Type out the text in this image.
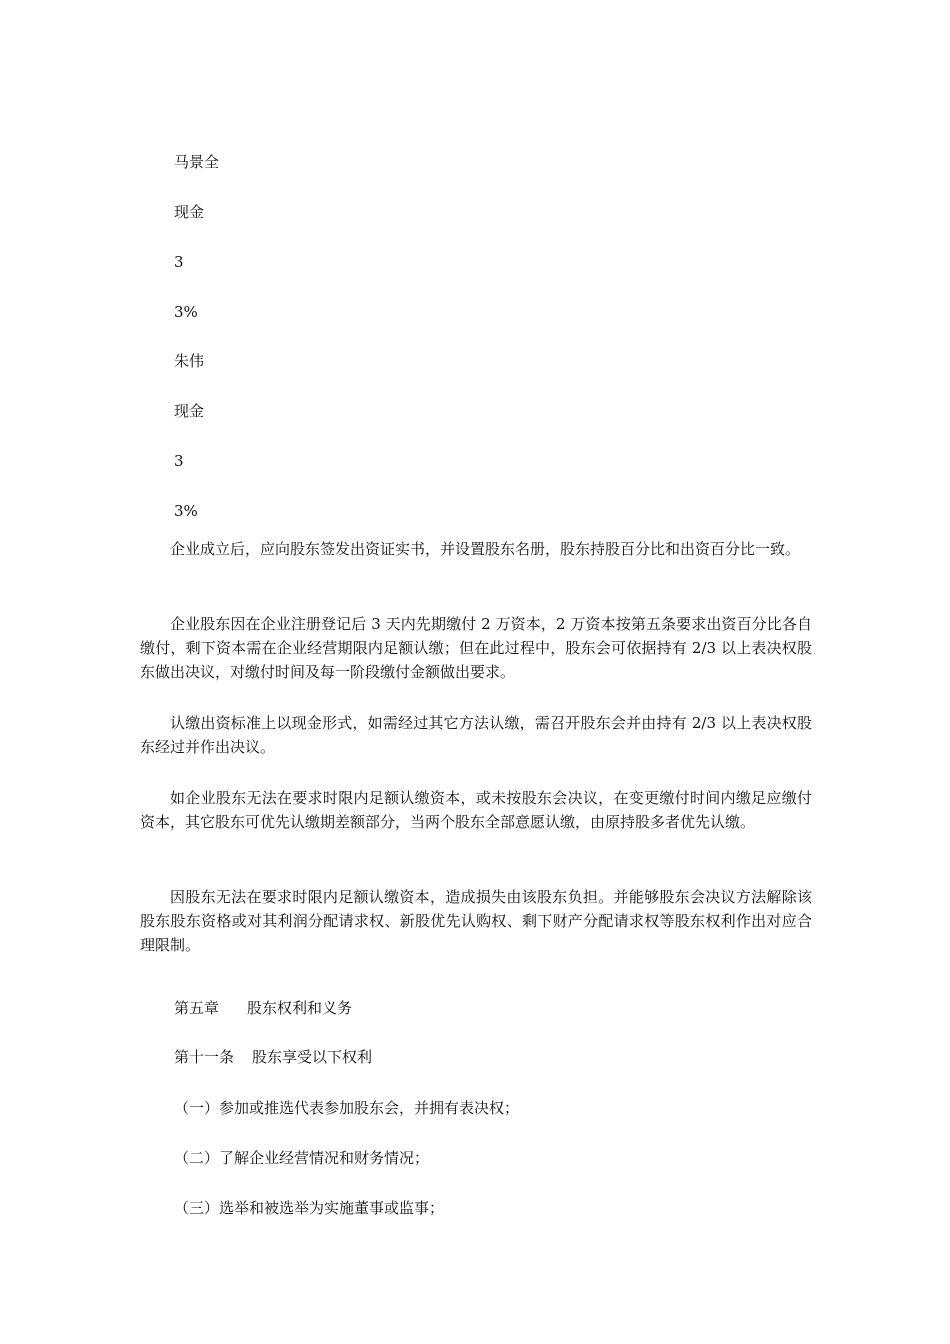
马景全
现金
3
3%
朱伟
现金
3
3%

企业成立后，应向股东签发出资证实书，并设置股东名册，股东持股百分比和出资百分比一致。

企业股东因在企业注册登记后 3 天内先期缴付 2 万资本，2 万资本按第五条要求出资百分比各自缴付，剩下资本需在企业经营期限内足额认缴；但在此过程中，股东会可依据持有 2/3 以上表决权股东做出决议，对缴付时间及每一阶段缴付金额做出要求。

认缴出资标准上以现金形式，如需经过其它方法认缴，需召开股东会并由持有 2/3 以上表决权股东经过并作出决议。

如企业股东无法在要求时限内足额认缴资本，或未按股东会决议，在变更缴付时间内缴足应缴付资本，其它股东可优先认缴期差额部分，当两个股东全部意愿认缴，由原持股多者优先认缴。

因股东无法在要求时限内足额认缴资本，造成损失由该股东负担。并能够股东会决议方法解除该股东股东资格或对其利润分配请求权、新股优先认购权、剩下财产分配请求权等股东权利作出对应合理限制。

第五章 股东权利和义务
第十一条 股东享受以下权利
（一）参加或推选代表参加股东会，并拥有表决权；
（二）了解企业经营情况和财务情况；
（三）选举和被选举为实施董事或监事；
